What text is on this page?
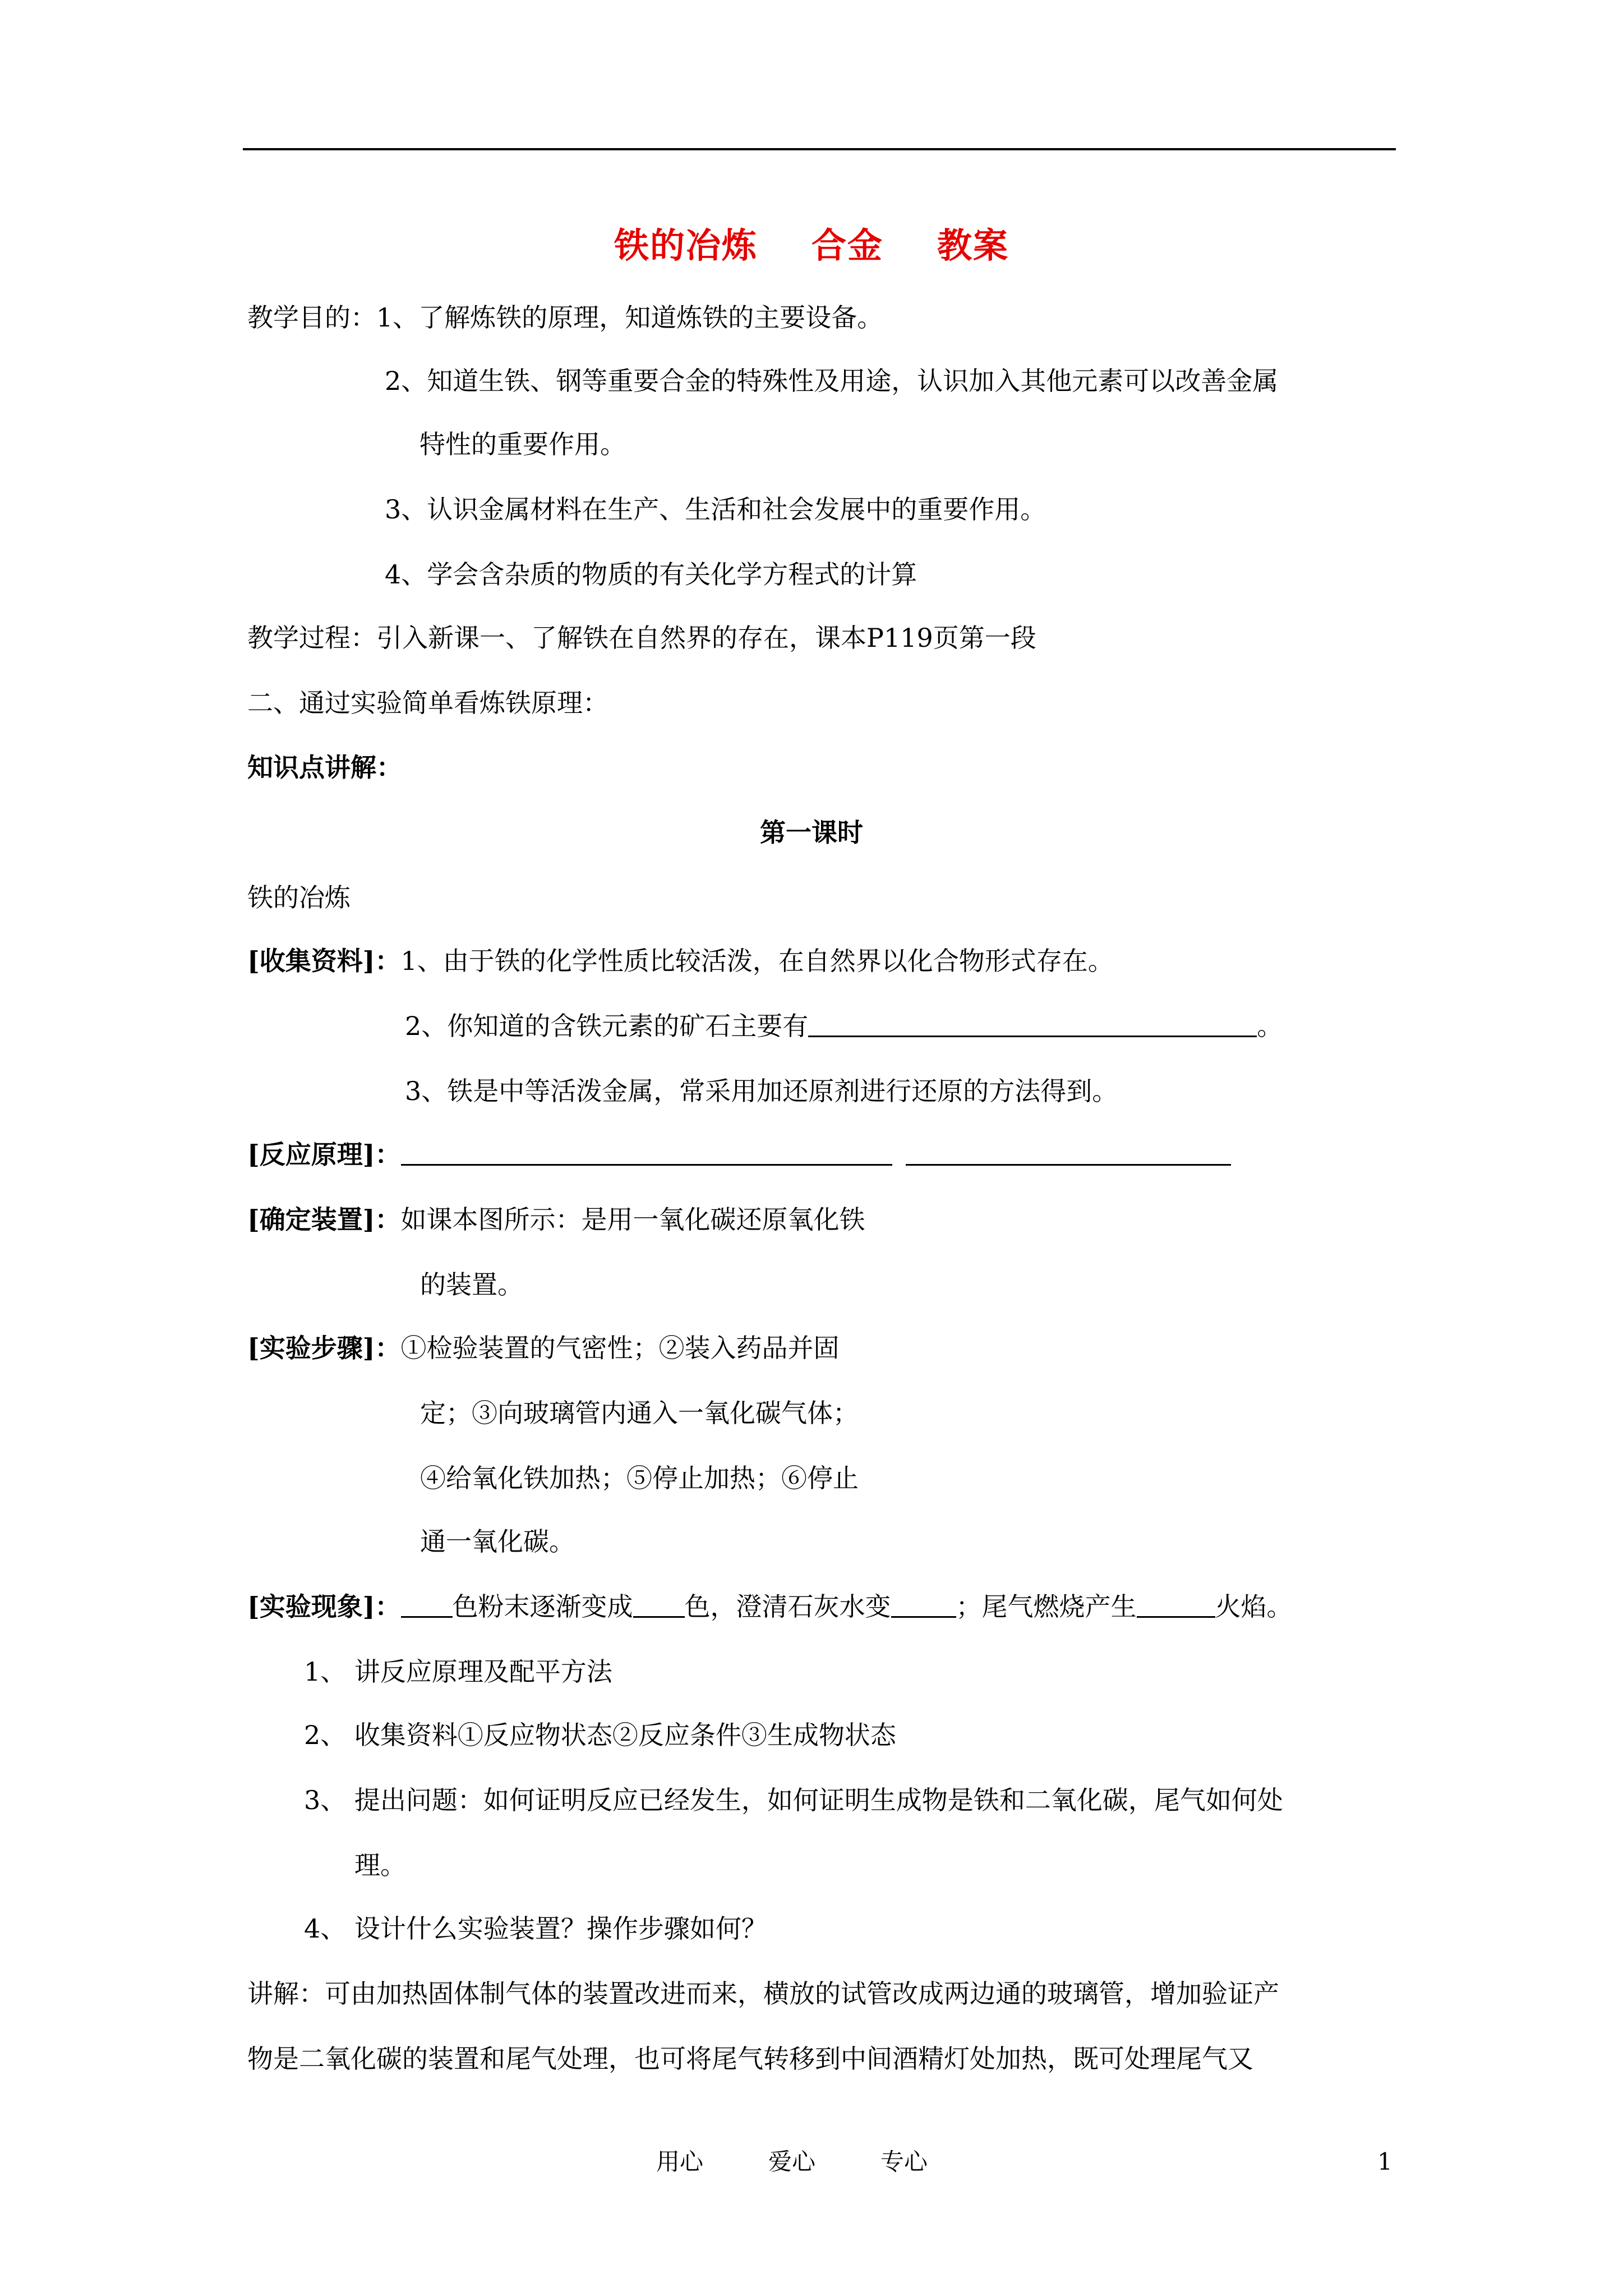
铁的冶炼 合金 教案
教学目的：1、了解炼铁的原理，知道炼铁的主要设备。
2、知道生铁、钢等重要合金的特殊性及用途，认识加入其他元素可以改善金属
特性的重要作用。
3、认识金属材料在生产、生活和社会发展中的重要作用。
4、学会含杂质的物质的有关化学方程式的计算
教学过程：引入新课一、了解铁在自然界的存在，课本P119页第一段
二、通过实验简单看炼铁原理：
知识点讲解：
第一课时
铁的冶炼
[收集资料]：1、由于铁的化学性质比较活泼，在自然界以化合物形式存在。
2、你知道的含铁元素的矿石主要有	。
3、铁是中等活泼金属，常采用加还原剂进行还原的方法得到。
[反应原理]：
[确定装置]：如课本图所示：是用一氧化碳还原氧化铁
的装置。
[实验步骤]：①检验装置的气密性；②装入药品并固
定；③向玻璃管内通入一氧化碳气体；
④给氧化铁加热；⑤停止加热；⑥停止
通一氧化碳。
[实验现象]： 色粉末逐渐变成 色，澄清石灰水变	；尾气燃烧产生	火焰。
1、 讲反应原理及配平方法
2、 收集资料①反应物状态②反应条件③生成物状态
3、 提出问题：如何证明反应已经发生，如何证明生成物是铁和二氧化碳，尾气如何处
理。
4、 设计什么实验装置？操作步骤如何？
讲解：可由加热固体制气体的装置改进而来，横放的试管改成两边通的玻璃管，增加验证产
物是二氧化碳的装置和尾气处理，也可将尾气转移到中间酒精灯处加热，既可处理尾气又
用心	爱心	专心	1
